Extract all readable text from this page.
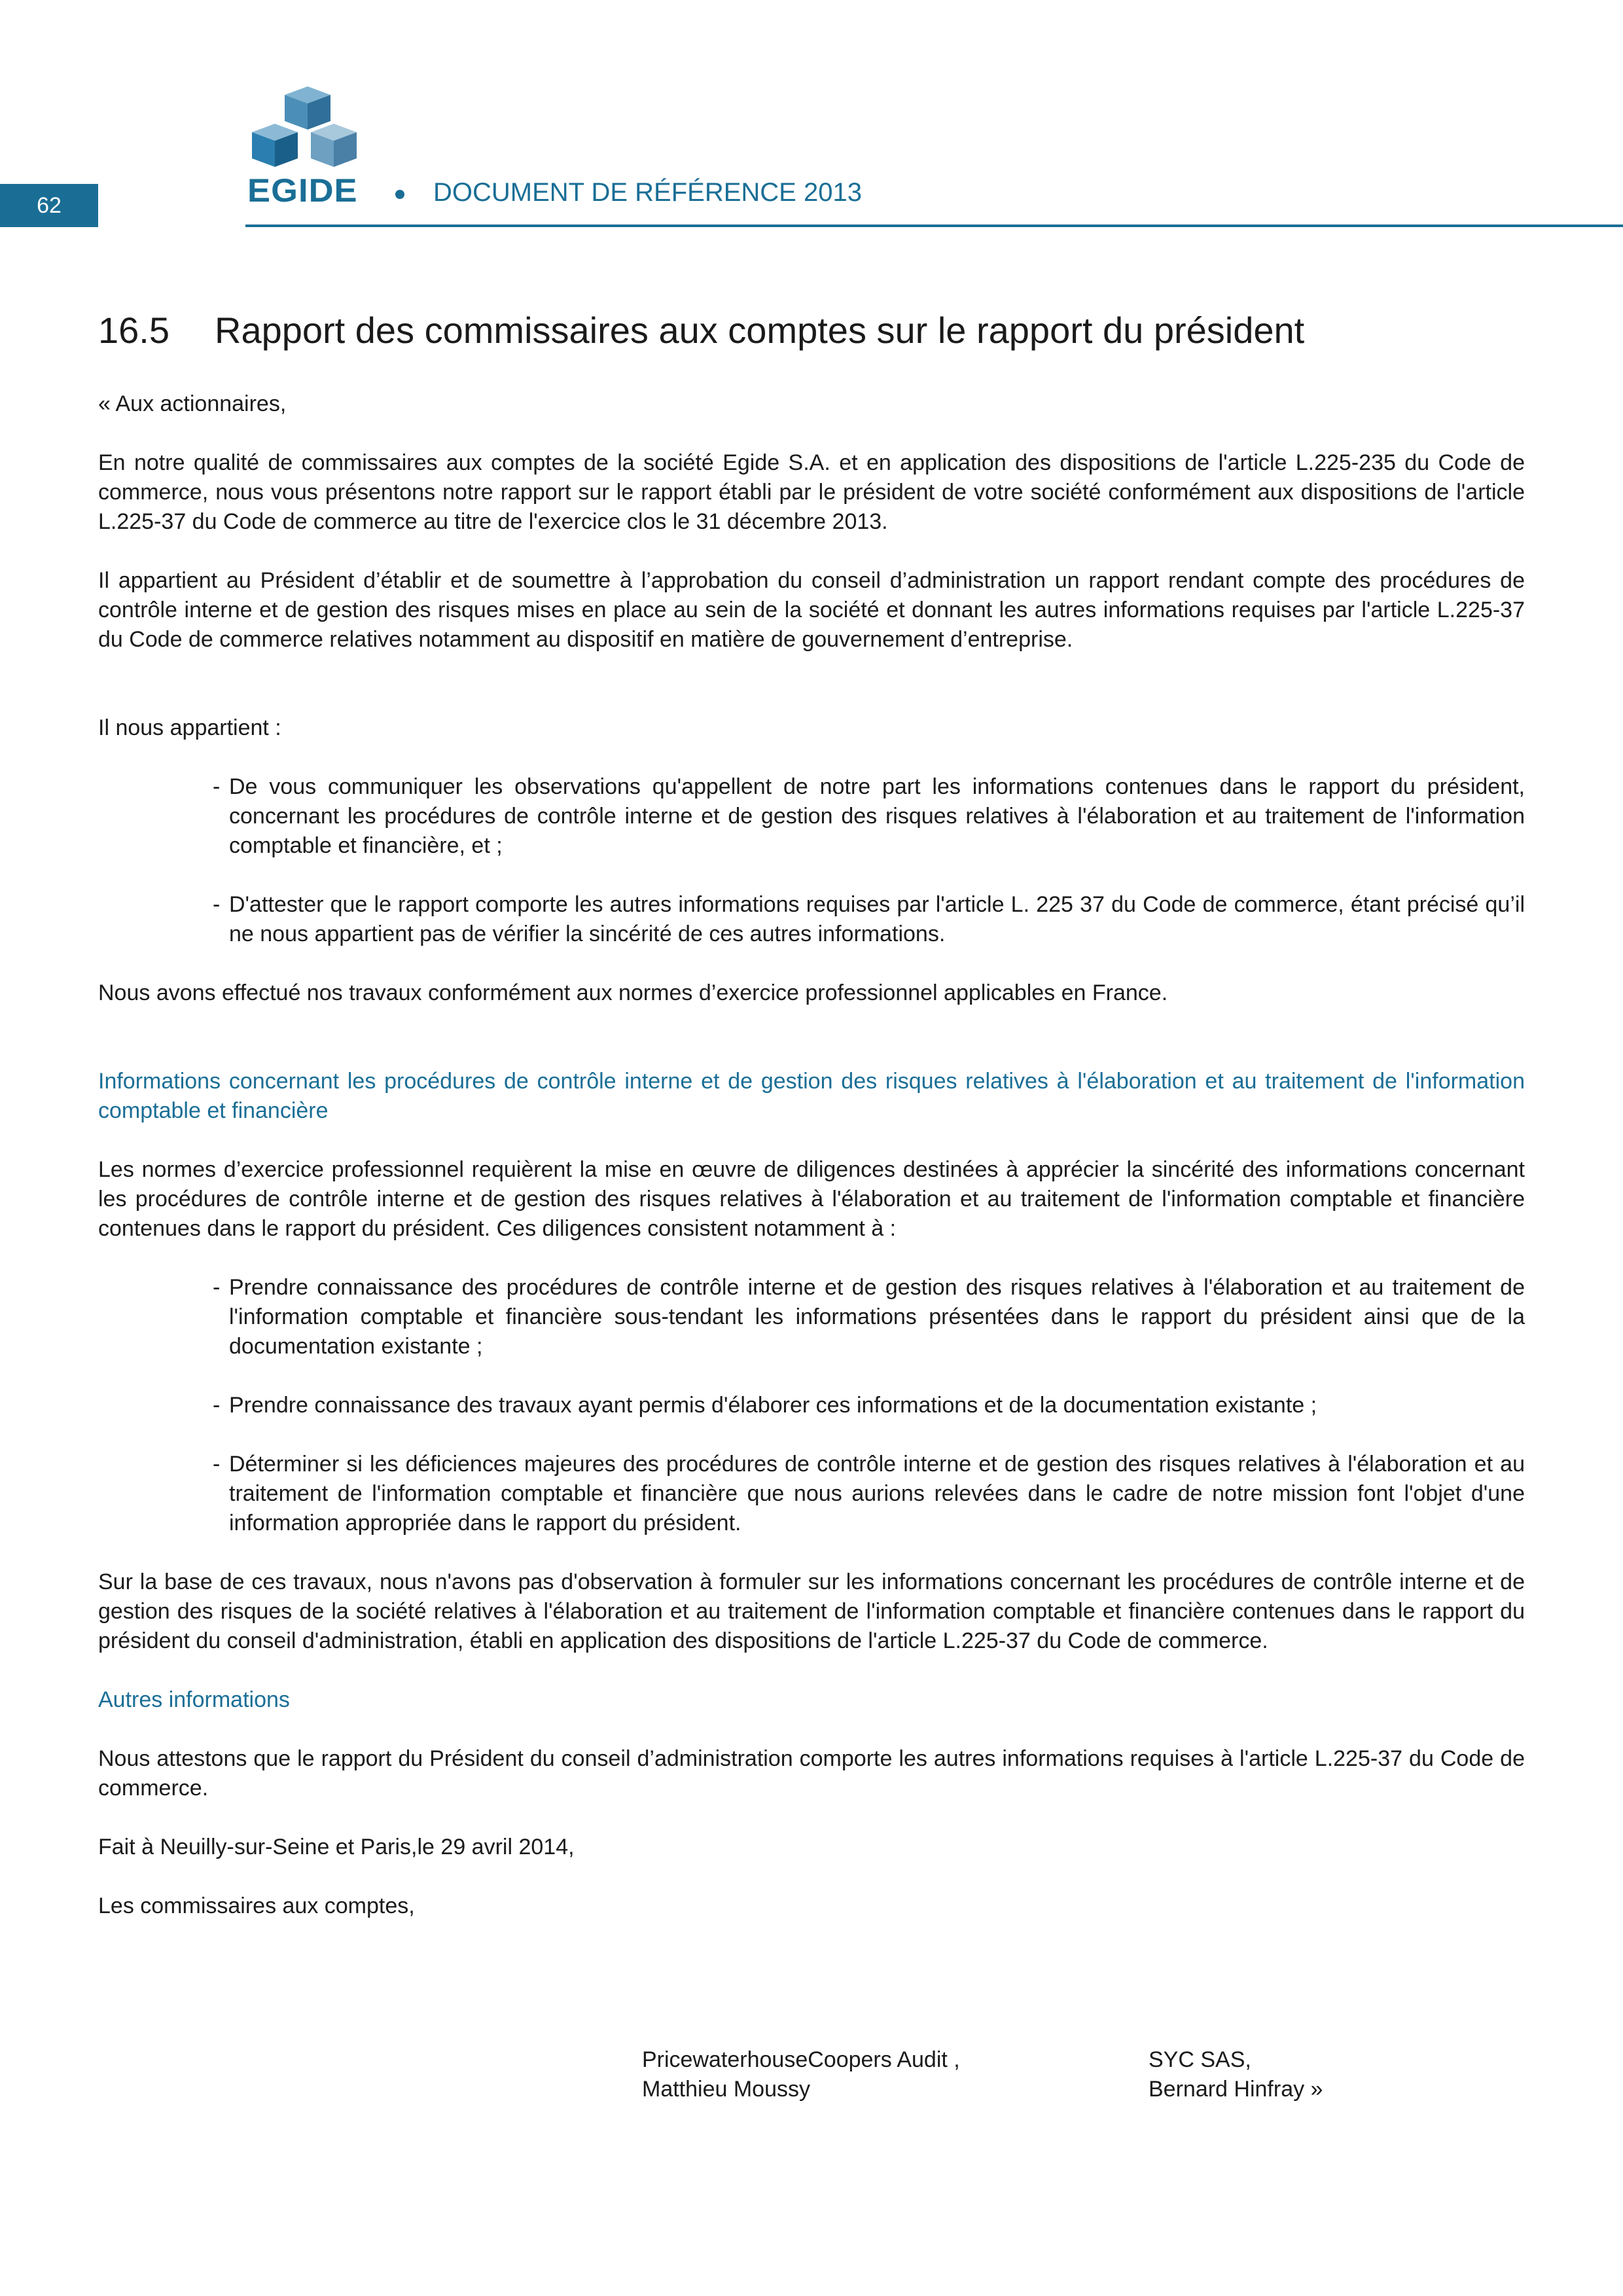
62	EGIDE	DOCUMENT DE RÉFÉRENCE 2013
16.5 Rapport des commissaires aux comptes sur le rapport du président

« Aux actionnaires,

En notre qualité de commissaires aux comptes de la société Egide S.A. et en application des dispositions de l'article L.225-235 du Code de commerce, nous vous présentons notre rapport sur le rapport établi par le président de votre société conformément aux dispositions de l'article L.225-37 du Code de commerce au titre de l'exercice clos le 31 décembre 2013.

Il appartient au Président d’établir et de soumettre à l’approbation du conseil d’administration un rapport rendant compte des procédures de contrôle interne et de gestion des risques mises en place au sein de la société et donnant les autres informations requises par l'article L.225-37 du Code de commerce relatives notamment au dispositif en matière de gouvernement d’entreprise.

Il nous appartient :

- De vous communiquer les observations qu'appellent de notre part les informations contenues dans le rapport du président, concernant les procédures de contrôle interne et de gestion des risques relatives à l'élaboration et au traitement de l'information comptable et financière, et ;
- D'attester que le rapport comporte les autres informations requises par l'article L. 225 37 du Code de commerce, étant précisé qu’il ne nous appartient pas de vérifier la sincérité de ces autres informations.

Nous avons effectué nos travaux conformément aux normes d’exercice professionnel applicables en France.

Informations concernant les procédures de contrôle interne et de gestion des risques relatives à l'élaboration et au traitement de l'information comptable et financière

Les normes d’exercice professionnel requièrent la mise en œuvre de diligences destinées à apprécier la sincérité des informations concernant les procédures de contrôle interne et de gestion des risques relatives à l'élaboration et au traitement de l'information comptable et financière contenues dans le rapport du président. Ces diligences consistent notamment à :

- Prendre connaissance des procédures de contrôle interne et de gestion des risques relatives à l'élaboration et au traitement de l'information comptable et financière sous-tendant les informations présentées dans le rapport du président ainsi que de la documentation existante ;
- Prendre connaissance des travaux ayant permis d'élaborer ces informations et de la documentation existante ;
- Déterminer si les déficiences majeures des procédures de contrôle interne et de gestion des risques relatives à l'élaboration et au traitement de l'information comptable et financière que nous aurions relevées dans le cadre de notre mission font l'objet d'une information appropriée dans le rapport du président.

Sur la base de ces travaux, nous n'avons pas d'observation à formuler sur les informations concernant les procédures de contrôle interne et de gestion des risques de la société relatives à l'élaboration et au traitement de l'information comptable et financière contenues dans le rapport du président du conseil d'administration, établi en application des dispositions de l'article L.225-37 du Code de commerce.

Autres informations

Nous attestons que le rapport du Président du conseil d’administration comporte les autres informations requises à l'article L.225-37 du Code de commerce.

Fait à Neuilly-sur-Seine et Paris,le 29 avril 2014,

Les commissaires aux comptes,

PricewaterhouseCoopers Audit ,
Matthieu Moussy
SYC SAS,
Bernard Hinfray »
